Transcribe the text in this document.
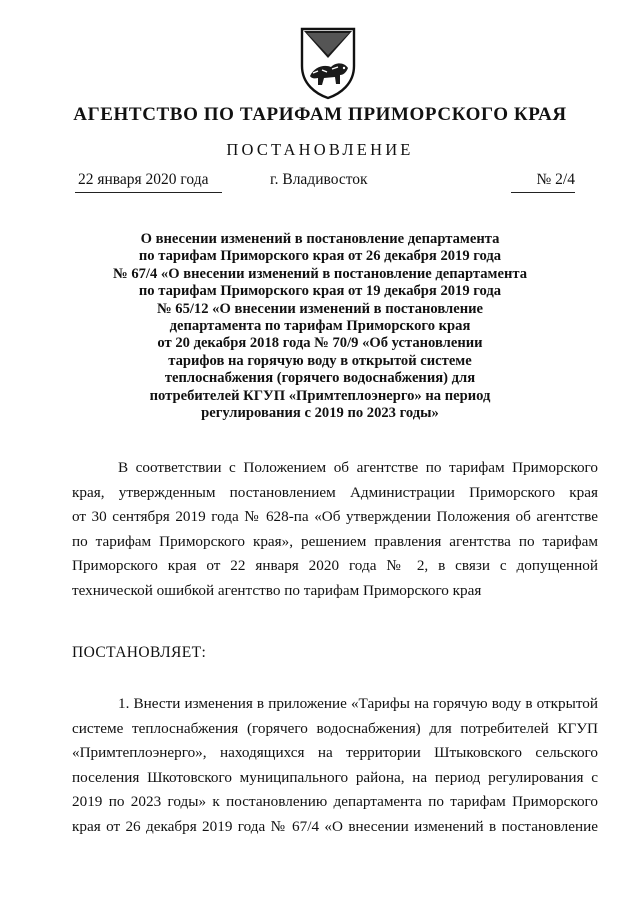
АГЕНТСТВО ПО ТАРИФАМ ПРИМОРСКОГО КРАЯ
ПОСТАНОВЛЕНИЕ
22 января 2020 года	г. Владивосток	№ 2/4
О внесении изменений в постановление департамента
по тарифам Приморского края от 26 декабря 2019 года
№ 67/4 «О внесении изменений в постановление департамента
по тарифам Приморского края от 19 декабря 2019 года
№ 65/12 «О внесении изменений в постановление
департамента по тарифам Приморского края
от 20 декабря 2018 года № 70/9 «Об установлении
тарифов на горячую воду в открытой системе
теплоснабжения (горячего водоснабжения) для
потребителей КГУП «Примтеплоэнерго» на период
регулирования с 2019 по 2023 годы»
В соответствии с Положением об агентстве по тарифам Приморского
края, утвержденным постановлением Администрации Приморского края
от 30 сентября 2019 года № 628-па «Об утверждении Положения об агентстве
по тарифам Приморского края», решением правления агентства по тарифам
Приморского края от 22 января 2020 года № 2, в связи с допущенной
технической ошибкой агентство по тарифам Приморского края
ПОСТАНОВЛЯЕТ:
1. Внести изменения в приложение «Тарифы на горячую воду в открытой
системе теплоснабжения (горячего водоснабжения) для потребителей КГУП
«Примтеплоэнерго», находящихся на территории Штыковского сельского
поселения Шкотовского муниципального района, на период регулирования с
2019 по 2023 годы» к постановлению департамента по тарифам Приморского
края от 26 декабря 2019 года № 67/4 «О внесении изменений в постановление
